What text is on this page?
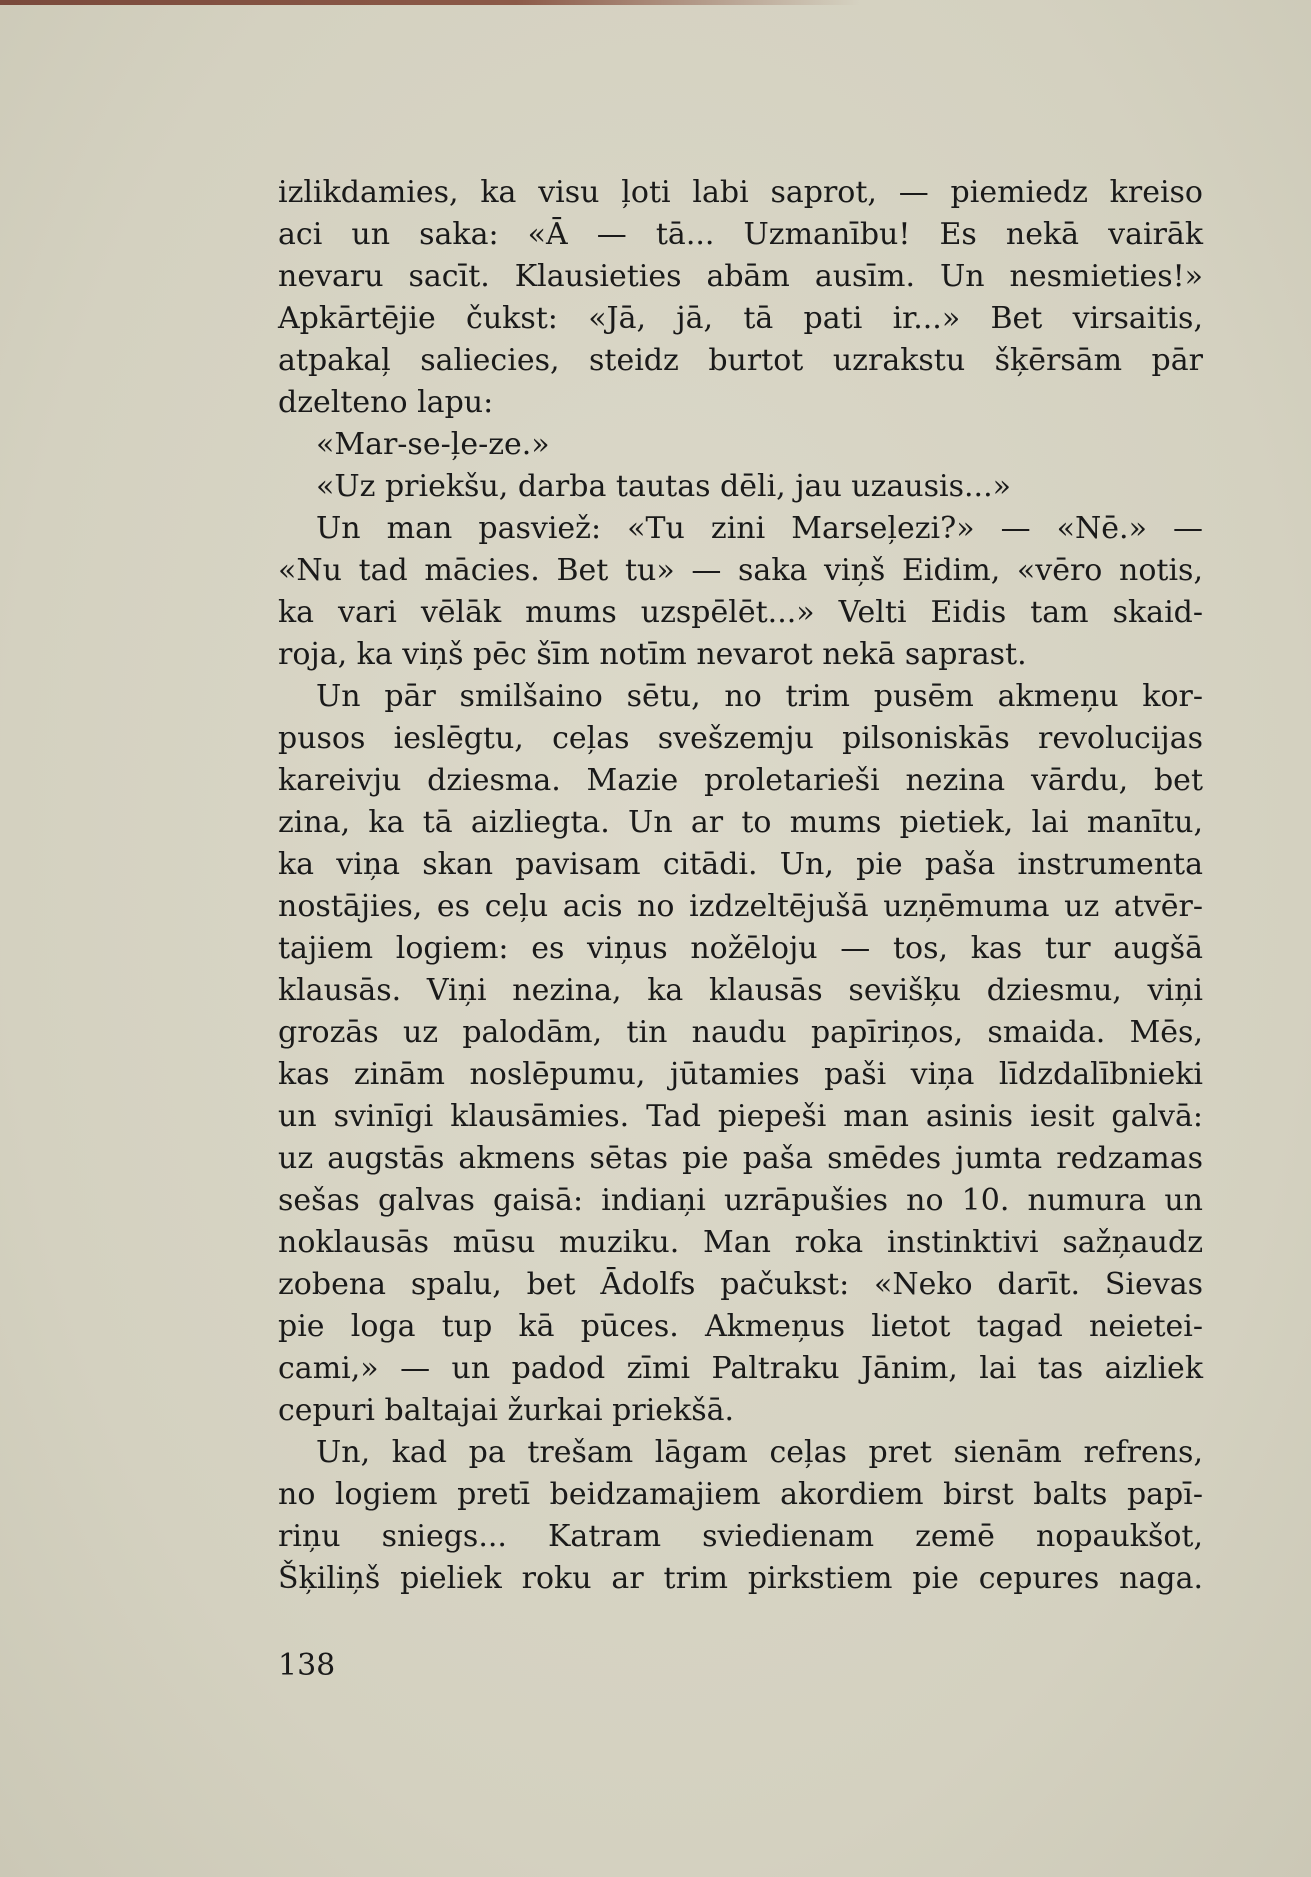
izlikdamies, ka visu ļoti labi saprot, — piemiedz kreiso
aci un saka: «Ā — tā... Uzmanību! Es nekā vairāk
nevaru sacīt. Klausieties abām ausīm. Un nesmieties!»
Apkārtējie čukst: «Jā, jā, tā pati ir...» Bet virsaitis,
atpakaļ saliecies, steidz burtot uzrakstu šķērsām pār
dzelteno lapu:
«Mar-se-ļe-ze.»
«Uz priekšu, darba tautas dēli, jau uzausis...»
Un man pasviež: «Tu zini Marseļezi?» — «Nē.» —
«Nu tad mācies. Bet tu» — saka viņš Eidim, «vēro notis,
ka vari vēlāk mums uzspēlēt...» Velti Eidis tam skaid-
roja, ka viņš pēc šīm notīm nevarot nekā saprast.
Un pār smilšaino sētu, no trim pusēm akmeņu kor-
pusos ieslēgtu, ceļas svešzemju pilsoniskās revolucijas
kareivju dziesma. Mazie proletarieši nezina vārdu, bet
zina, ka tā aizliegta. Un ar to mums pietiek, lai manītu,
ka viņa skan pavisam citādi. Un, pie paša instrumenta
nostājies, es ceļu acis no izdzeltējušā uzņēmuma uz atvēr-
tajiem logiem: es viņus nožēloju — tos, kas tur augšā
klausās. Viņi nezina, ka klausās sevišķu dziesmu, viņi
grozās uz palodām, tin naudu papīriņos, smaida. Mēs,
kas zinām noslēpumu, jūtamies paši viņa līdzdalībnieki
un svinīgi klausāmies. Tad piepeši man asinis iesit galvā:
uz augstās akmens sētas pie paša smēdes jumta redzamas
sešas galvas gaisā: indiaņi uzrāpušies no 10. numura un
noklausās mūsu muziku. Man roka instinktivi sažņaudz
zobena spalu, bet Ādolfs pačukst: «Neko darīt. Sievas
pie loga tup kā pūces. Akmeņus lietot tagad neietei-
cami,» — un padod zīmi Paltraku Jānim, lai tas aizliek
cepuri baltajai žurkai priekšā.
Un, kad pa trešam lāgam ceļas pret sienām refrens,
no logiem pretī beidzamajiem akordiem birst balts papī-
riņu sniegs... Katram sviedienam zemē nopaukšot,
Šķiliņš pieliek roku ar trim pirkstiem pie cepures naga.
138
